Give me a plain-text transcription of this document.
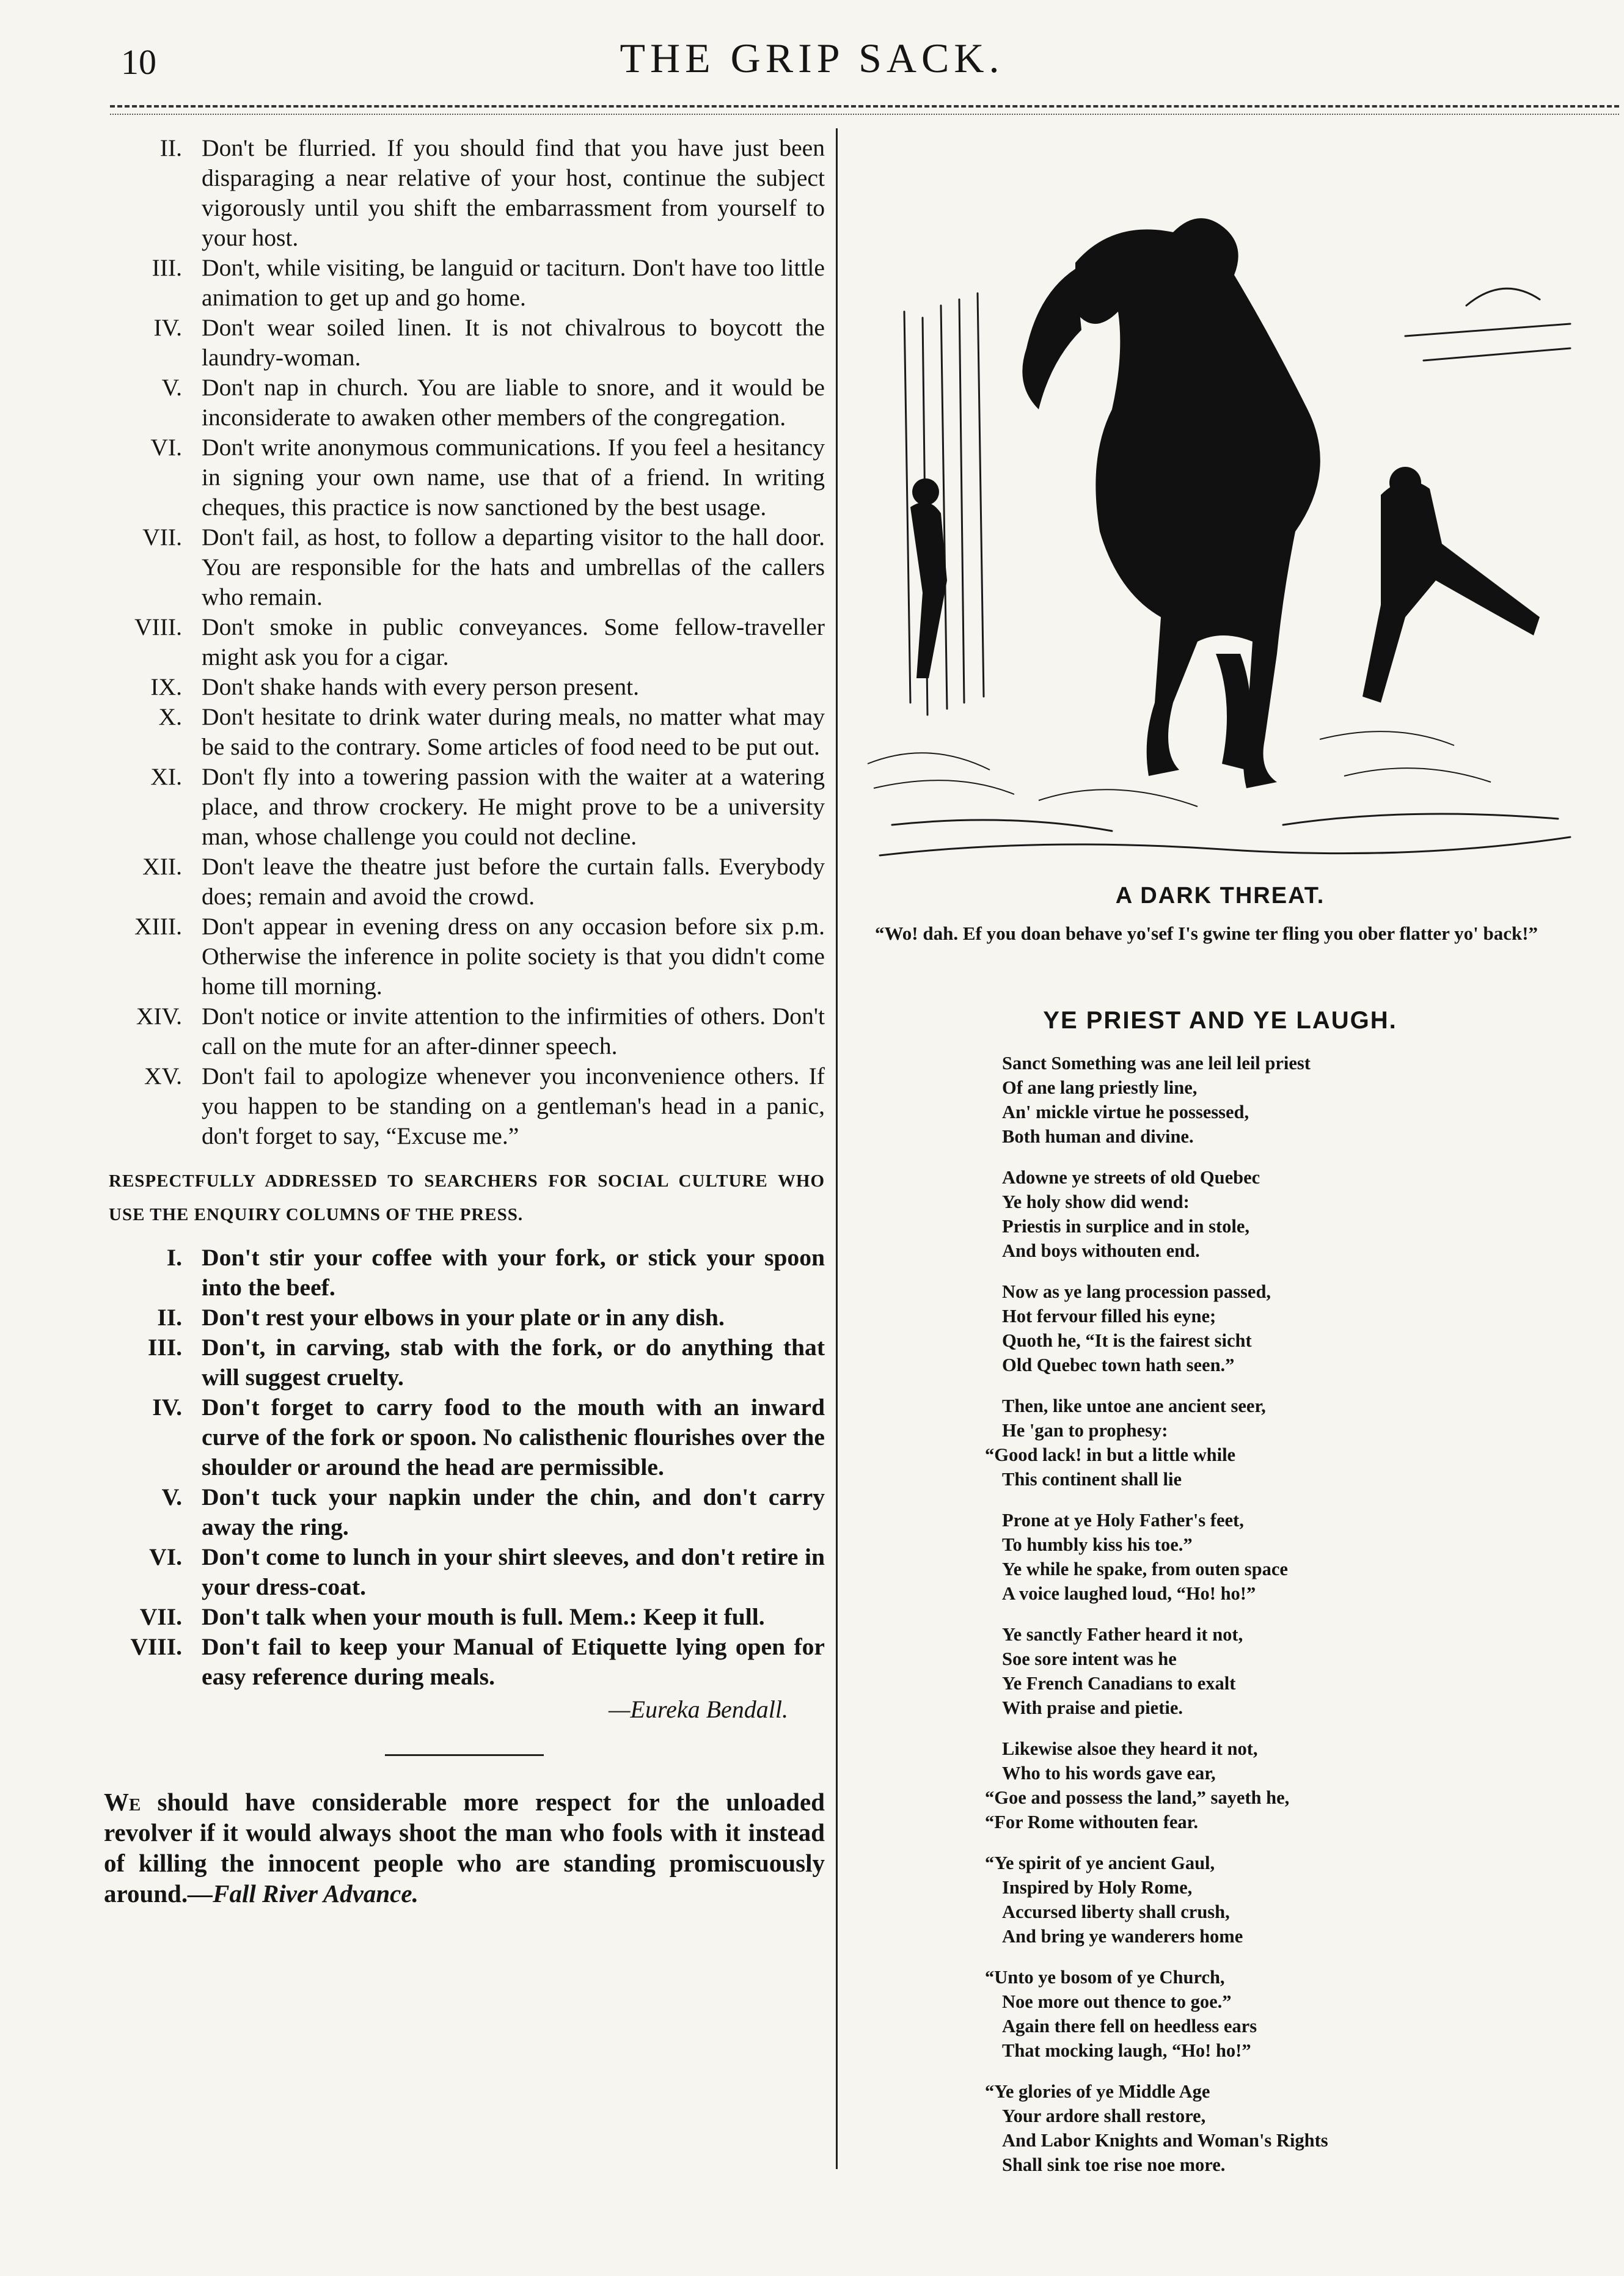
10	THE GRIP SACK.
II. Don't be flurried. If you should find that you have just been disparaging a near relative of your host, continue the subject vigorously until you shift the embarrassment from yourself to your host.
III. Don't, while visiting, be languid or taciturn. Don't have too little animation to get up and go home.
IV. Don't wear soiled linen. It is not chivalrous to boycott the laundry-woman.
V. Don't nap in church. You are liable to snore, and it would be inconsiderate to awaken other members of the congregation.
VI. Don't write anonymous communications. If you feel a hesitancy in signing your own name, use that of a friend. In writing cheques, this practice is now sanctioned by the best usage.
VII. Don't fail, as host, to follow a departing visitor to the hall door. You are responsible for the hats and umbrellas of the callers who remain.
VIII. Don't smoke in public conveyances. Some fellow-traveller might ask you for a cigar.
IX. Don't shake hands with every person present.
X. Don't hesitate to drink water during meals, no matter what may be said to the contrary. Some articles of food need to be put out.
XI. Don't fly into a towering passion with the waiter at a watering place, and throw crockery. He might prove to be a university man, whose challenge you could not decline.
XII. Don't leave the theatre just before the curtain falls. Everybody does; remain and avoid the crowd.
XIII. Don't appear in evening dress on any occasion before six p.m. Otherwise the inference in polite society is that you didn't come home till morning.
XIV. Don't notice or invite attention to the infirmities of others. Don't call on the mute for an after-dinner speech.
XV. Don't fail to apologize whenever you inconvenience others. If you happen to be standing on a gentleman's head in a panic, don't forget to say, “Excuse me.”
RESPECTFULLY ADDRESSED TO SEARCHERS FOR SOCIAL CULTURE WHO USE THE ENQUIRY COLUMNS OF THE PRESS.
I. Don't stir your coffee with your fork, or stick your spoon into the beef.
II. Don't rest your elbows in your plate or in any dish.
III. Don't, in carving, stab with the fork, or do anything that will suggest cruelty.
IV. Don't forget to carry food to the mouth with an inward curve of the fork or spoon. No calisthenic flourishes over the shoulder or around the head are permissible.
V. Don't tuck your napkin under the chin, and don't carry away the ring.
VI. Don't come to lunch in your shirt sleeves, and don't retire in your dress-coat.
VII. Don't talk when your mouth is full. Mem.: Keep it full.
VIII. Don't fail to keep your Manual of Etiquette lying open for easy reference during meals.
—Eureka Bendall.

We should have considerable more respect for the unloaded revolver if it would always shoot the man who fools with it instead of killing the innocent people who are standing promiscuously around.—Fall River Advance.

A DARK THREAT.
“Wo! dah. Ef you doan behave yo'sef I's gwine ter fling you ober flatter yo' back!”
YE PRIEST AND YE LAUGH.
Sanct Something was ane leil leil priest
Of ane lang priestly line,
An' mickle virtue he possessed,
Both human and divine.
Adowne ye streets of old Quebec
Ye holy show did wend:
Priestis in surplice and in stole,
And boys withouten end.
Now as ye lang procession passed,
Hot fervour filled his eyne;
Quoth he, “It is the fairest sicht
Old Quebec town hath seen.”
Then, like untoe ane ancient seer,
He 'gan to prophesy:
“Good lack! in but a little while
This continent shall lie
Prone at ye Holy Father's feet,
To humbly kiss his toe.”
Ye while he spake, from outen space
A voice laughed loud, “Ho! ho!”
Ye sanctly Father heard it not,
Soe sore intent was he
Ye French Canadians to exalt
With praise and pietie.
Likewise alsoe they heard it not,
Who to his words gave ear,
“Goe and possess the land,” sayeth he,
“For Rome withouten fear.
“Ye spirit of ye ancient Gaul,
Inspired by Holy Rome,
Accursed liberty shall crush,
And bring ye wanderers home
“Unto ye bosom of ye Church,
Noe more out thence to goe.”
Again there fell on heedless ears
That mocking laugh, “Ho! ho!”
“Ye glories of ye Middle Age
Your ardore shall restore,
And Labor Knights and Woman's Rights
Shall sink toe rise noe more.
